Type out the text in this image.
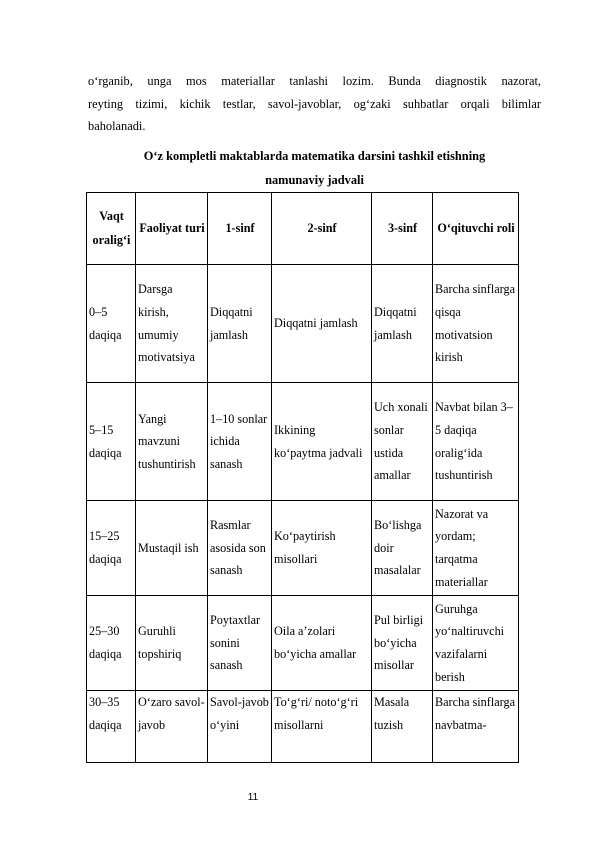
o‘rganib, unga mos materiallar tanlashi lozim. Bunda diagnostik nazorat,
reyting tizimi, kichik testlar, savol-javoblar, og‘zaki suhbatlar orqali bilimlar
baholanadi.
O‘z kompletli maktablarda matematika darsini tashkil etishning
namunaviy jadvali
Vaqt oralig‘i	Faoliyat turi	1-sinf	2-sinf	3-sinf	O‘qituvchi roli
0–5 daqiqa	Darsga kirish, umumiy motivatsiya	Diqqatni jamlash	Diqqatni jamlash	Diqqatni jamlash	Barcha sinflarga qisqa motivatsion kirish
5–15 daqiqa	Yangi mavzuni tushuntirish	1–10 sonlar ichida sanash	Ikkining ko‘paytma jadvali	Uch xonali sonlar ustida amallar	Navbat bilan 3–5 daqiqa oralig‘ida tushuntirish
15–25 daqiqa	Mustaqil ish	Rasmlar asosida son sanash	Ko‘paytirish misollari	Bo‘lishga doir masalalar	Nazorat va yordam; tarqatma materiallar
25–30 daqiqa	Guruhli topshiriq	Poytaxtlar sonini sanash	Oila a’zolari bo‘yicha amallar	Pul birligi bo‘yicha misollar	Guruhga yo‘naltiruvchi vazifalarni berish
30–35 daqiqa	O‘zaro savol-javob	Savol-javob o‘yini	To‘g‘ri/ noto‘g‘ri misollarni	Masala tuzish	Barcha sinflarga navbatma-
11
